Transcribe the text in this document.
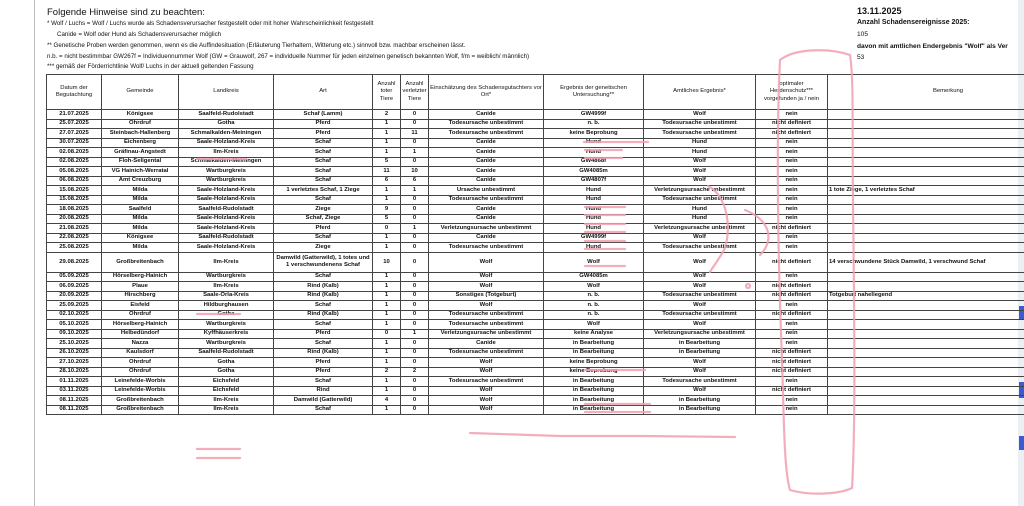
Folgende Hinweise sind zu beachten:
* Wolf / Luchs = Wolf / Luchs wurde als Schadensverursacher festgestellt oder mit hoher Wahrscheinlichkeit festgestellt
Canide = Wolf oder Hund als Schadensverursacher möglich
** Genetische Proben werden genommen, wenn es die Auffindesituation (Erläuterung Tierhaltern, Witterung etc.) sinnvoll bzw. machbar erscheinen lässt.
n.b. = nicht bestimmbar GW267f = Individuennummer Wolf (GW = Grauwolf, 267 = individuelle Nummer für jeden einzelnen genetisch bekannten Wolf, f/m = weiblich/ männlich)
*** gemäß der Förderrichtlinie Wolf/ Luchs in der aktuell geltenden Fassung
13.11.2025
Anzahl Schadensereignisse 2025:
105
davon mit amtlichen Endergebnis "Wolf" als Ver
53
Datum der Begutachtung	Gemeinde	Landkreis	Art	Anzahl toter Tiere	Anzahl verletzter Tiere	Einschätzung des Schadensgutachters vor Ort*	Ergebnis der genetischen Untersuchung**	Amtliches Ergebnis*	optimaler Herdenschutz*** vorgefunden ja / nein	Bemerkung
21.07.2025	Königsee	Saalfeld-Rudolstadt	Schaf (Lamm)	2	0	Canide	GW4999f	Wolf	nein	
25.07.2025	Ohrdruf	Gotha	Pferd	1	0	Todesursache unbestimmt	n. b.	Todesursache unbestimmt	nicht definiert	
27.07.2025	Steinbach-Hallenberg	Schmalkalden-Meiningen	Pferd	1	11	Todesursache unbestimmt	keine Beprobung	Todesursache unbestimmt	nicht definiert	
30.07.2025	Eichenberg	Saale-Holzland-Kreis	Schaf	1	0	Canide	Hund	Hund	nein	
02.08.2025	Gräfinau-Angstedt	Ilm-Kreis	Schaf	1	1	Canide	Hund	Hund	nein	
02.08.2025	Floh-Seligental	Schmalkalden-Meiningen	Schaf	5	0	Canide	GW4868f	Wolf	nein	
05.08.2025	VG Hainich-Werratal	Wartburgkreis	Schaf	11	10	Canide	GW4085m	Wolf	nein	
06.08.2025	Amt Creuzburg	Wartburgkreis	Schaf	6	6	Canide	GW4807f	Wolf	nein	
15.08.2025	Milda	Saale-Holzland-Kreis	1 verletztes Schaf, 1 Ziege	1	1	Ursache unbestimmt	Hund	Verletzungsursache unbestimmt	nein	1 tote Ziege, 1 verletztes Schaf
15.08.2025	Milda	Saale-Holzland-Kreis	Schaf	1	0	Todesursache unbestimmt	Hund	Todesursache unbestimmt	nein	
18.08.2025	Saalfeld	Saalfeld-Rudolstadt	Ziege	9	0	Canide	Hund	Hund	nein	
20.08.2025	Milda	Saale-Holzland-Kreis	Schaf, Ziege	5	0	Canide	Hund	Hund	nein	
21.08.2025	Milda	Saale-Holzland-Kreis	Pferd	0	1	Verletzungsursache unbestimmt	Hund	Verletzungsursache unbestimmt	nicht definiert	
22.08.2025	Königsee	Saalfeld-Rudolstadt	Schaf	1	0	Canide	GW4999f	Wolf	nein	
25.08.2025	Milda	Saale-Holzland-Kreis	Ziege	1	0	Todesursache unbestimmt	Hund	Todesursache unbestimmt	nein	
29.08.2025	Großbreitenbach	Ilm-Kreis	Damwild (Gatterwild), 1 totes und 1 verschwundenens Schaf	10	0	Wolf	Wolf	Wolf	nicht definiert	14 verschwundene Stück Damwild, 1 verschwund Schaf
05.09.2025	Hörselberg-Hainich	Wartburgkreis	Schaf	1	0	Wolf	GW4085m	Wolf	nein	
06.09.2025	Plaue	Ilm-Kreis	Rind (Kalb)	1	0	Wolf	Wolf	Wolf	nicht definiert	
20.09.2025	Hirschberg	Saale-Orla-Kreis	Rind (Kalb)	1	0	Sonstiges (Totgeburt)	n. b.	Todesursache unbestimmt	nicht definiert	Totgeburt naheliegend
25.09.2025	Eisfeld	Hildburghausen	Schaf	1	0	Wolf	n. b.	Wolf	nein	
02.10.2025	Ohrdruf	Gotha	Rind (Kalb)	1	0	Todesursache unbestimmt	n. b.	Todesursache unbestimmt	nicht definiert	
05.10.2025	Hörselberg-Hainich	Wartburgkreis	Schaf	1	0	Todesursache unbestimmt	Wolf	Wolf	nein	
09.10.2025	Helbedündorf	Kyffhäuserkreis	Pferd	0	1	Verletzungsursache unbestimmt	keine Analyse	Verletzungsursache unbestimmt	nein	
25.10.2025	Nazza	Wartburgkreis	Schaf	1	0	Canide	in Bearbeitung	in Bearbeitung	nein	
26.10.2025	Kaulsdorf	Saalfeld-Rudolstadt	Rind (Kalb)	1	0	Todesursache unbestimmt	in Bearbeitung	in Bearbeitung	nicht definiert	
27.10.2025	Ohrdruf	Gotha	Pferd	1	0	Wolf	keine Beprobung	Wolf	nicht definiert	
28.10.2025	Ohrdruf	Gotha	Pferd	2	2	Wolf	keine Beprobung	Wolf	nicht definiert	
01.11.2025	Leinefelde-Worbis	Eichsfeld	Schaf	1	0	Todesursache unbestimmt	in Bearbeitung	Todesursache unbestimmt	nein	
03.11.2025	Leinefelde-Worbis	Eichsfeld	Rind	1	0	Wolf	in Bearbeitung	Wolf	nicht definiert	
08.11.2025	Großbreitenbach	Ilm-Kreis	Damwild (Gatterwild)	4	0	Wolf	in Bearbeitung	in Bearbeitung	nein	
08.11.2025	Großbreitenbach	Ilm-Kreis	Schaf	1	0	Wolf	in Bearbeitung	in Bearbeitung	nein	
